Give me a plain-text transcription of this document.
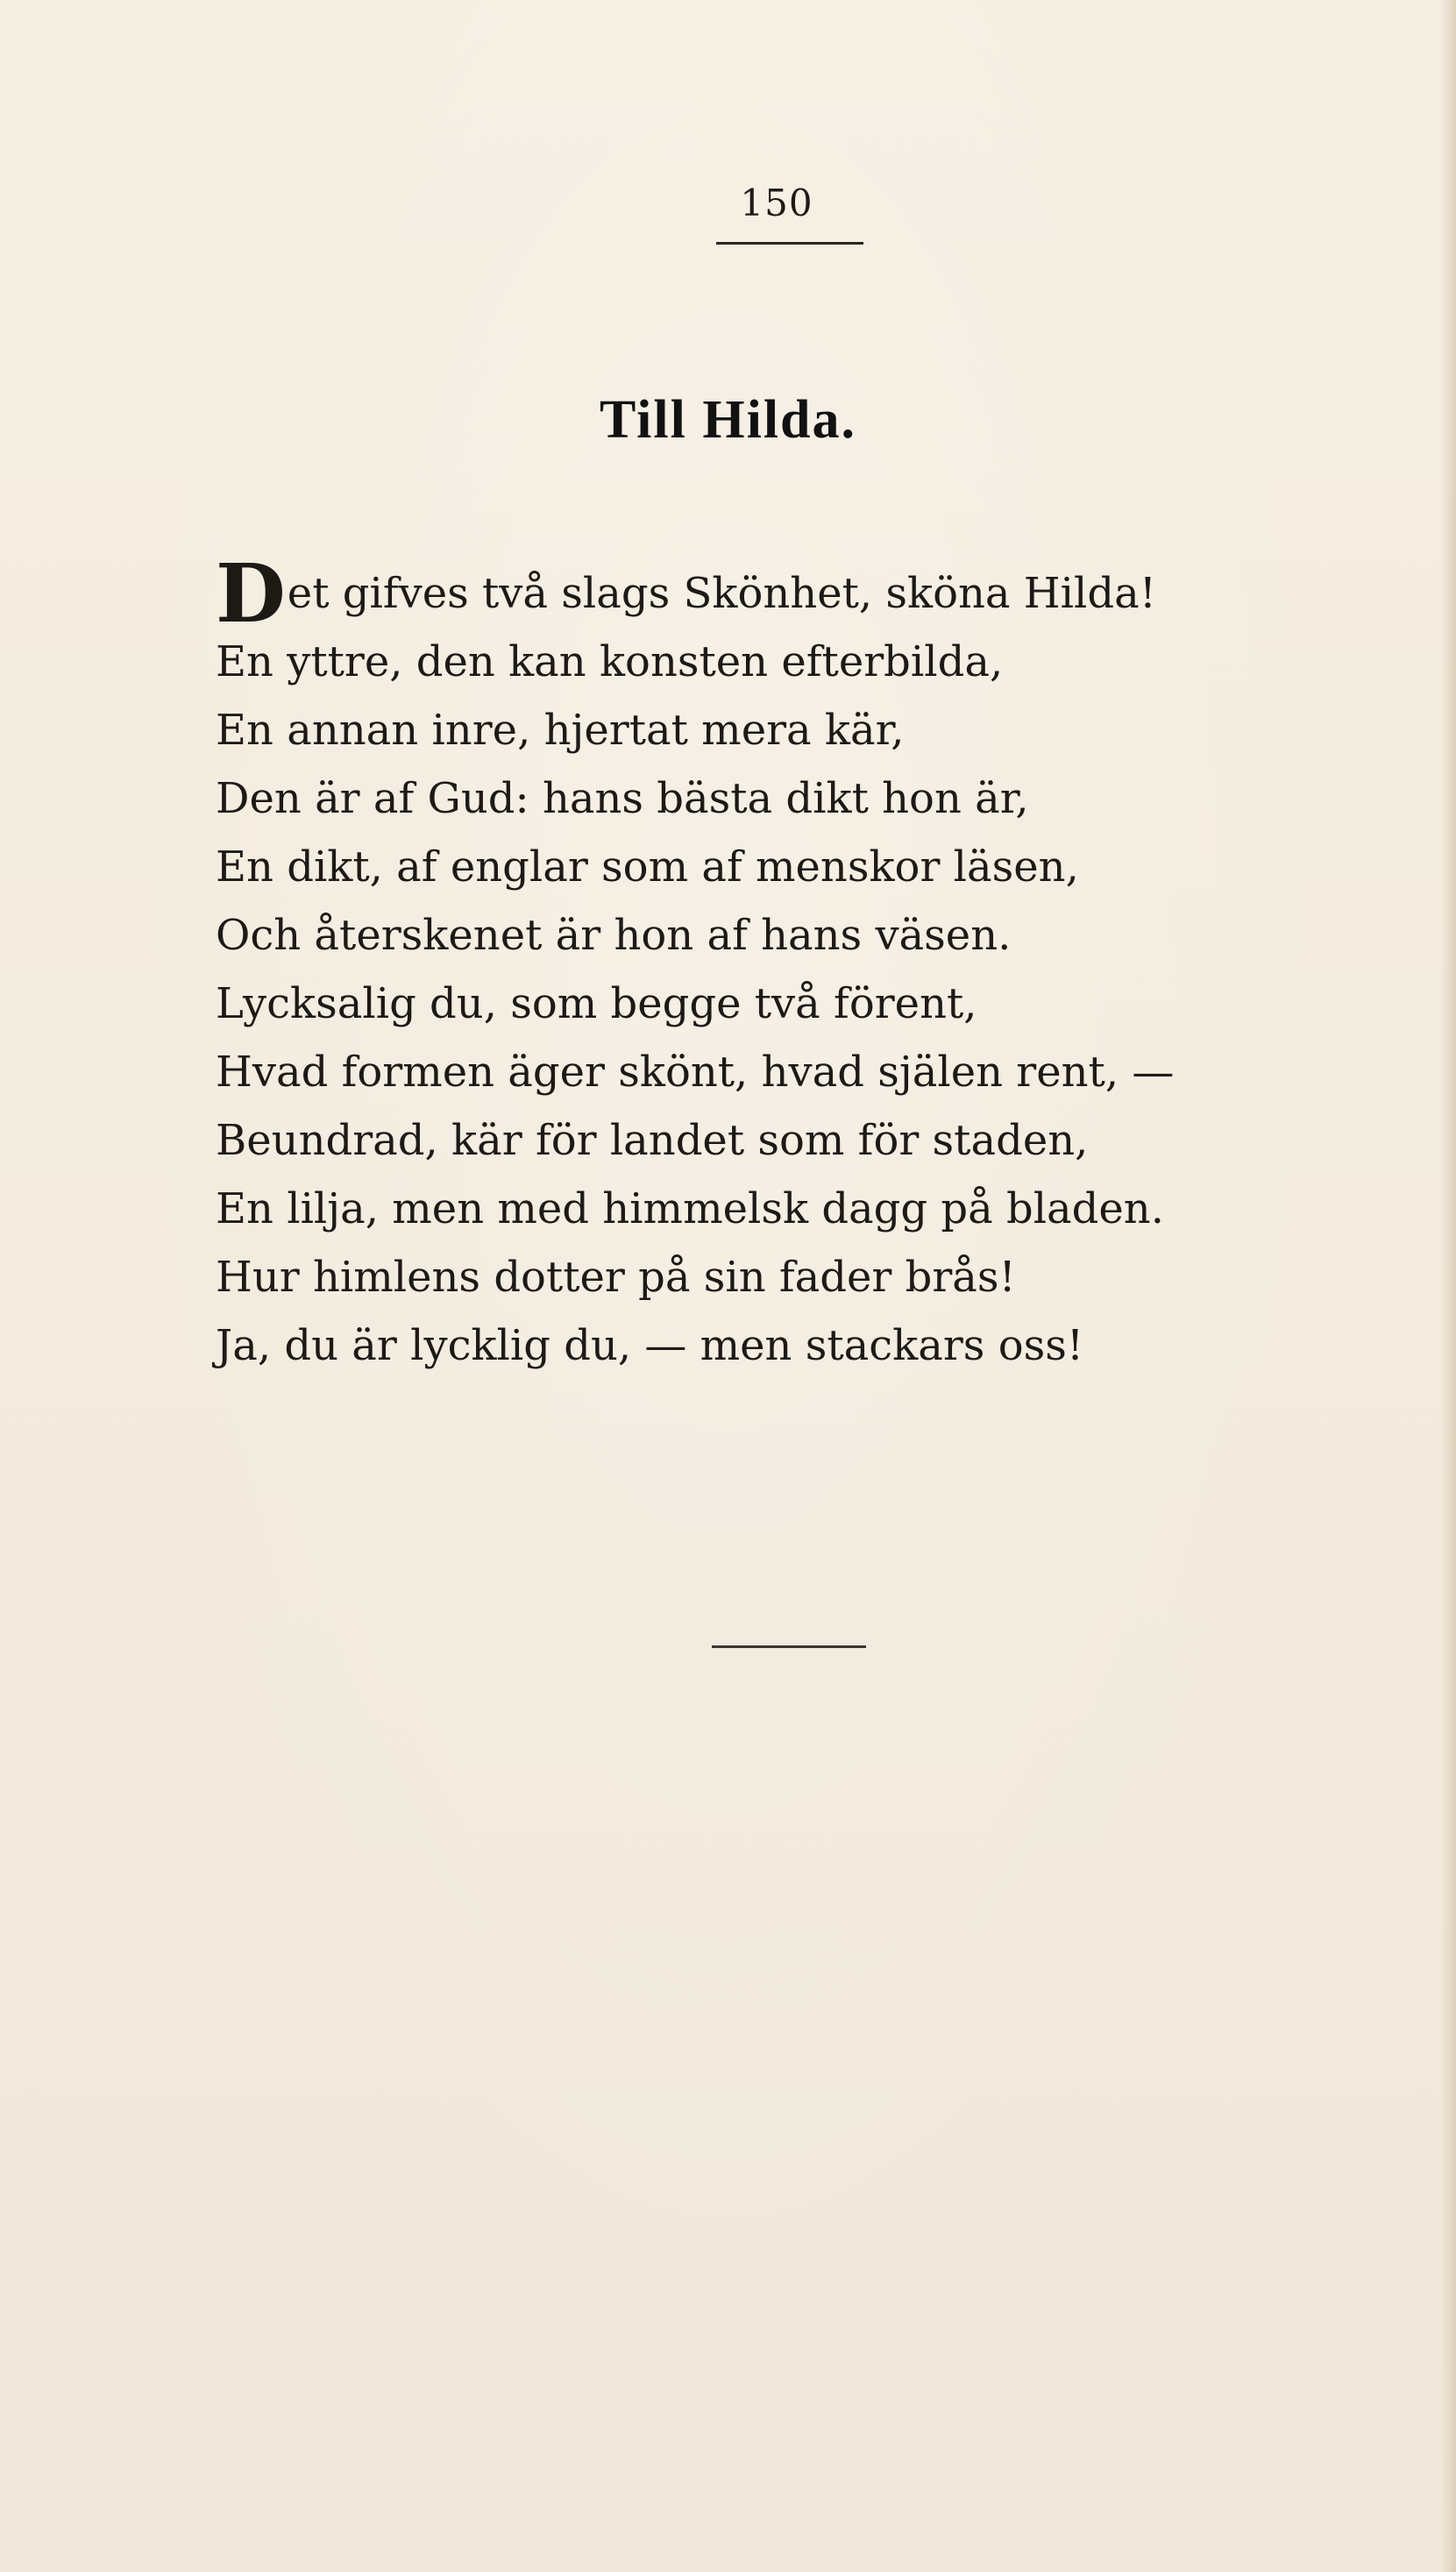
150
Till Hilda.
D et gifves två slags Skönhet, sköna Hilda!
En yttre, den kan konsten efterbilda,
En annan inre, hjertat mera kär,
Den är af Gud: hans bästa dikt hon är,
En dikt, af englar som af menskor läsen,
Och återskenet är hon af hans väsen.
Lycksalig du, som begge två förent,
Hvad formen äger skönt, hvad själen rent, —
Beundrad, kär för landet som för staden,
En lilja, men med himmelsk dagg på bladen.
Hur himlens dotter på sin fader brås!
Ja, du är lycklig du, — men stackars oss!
